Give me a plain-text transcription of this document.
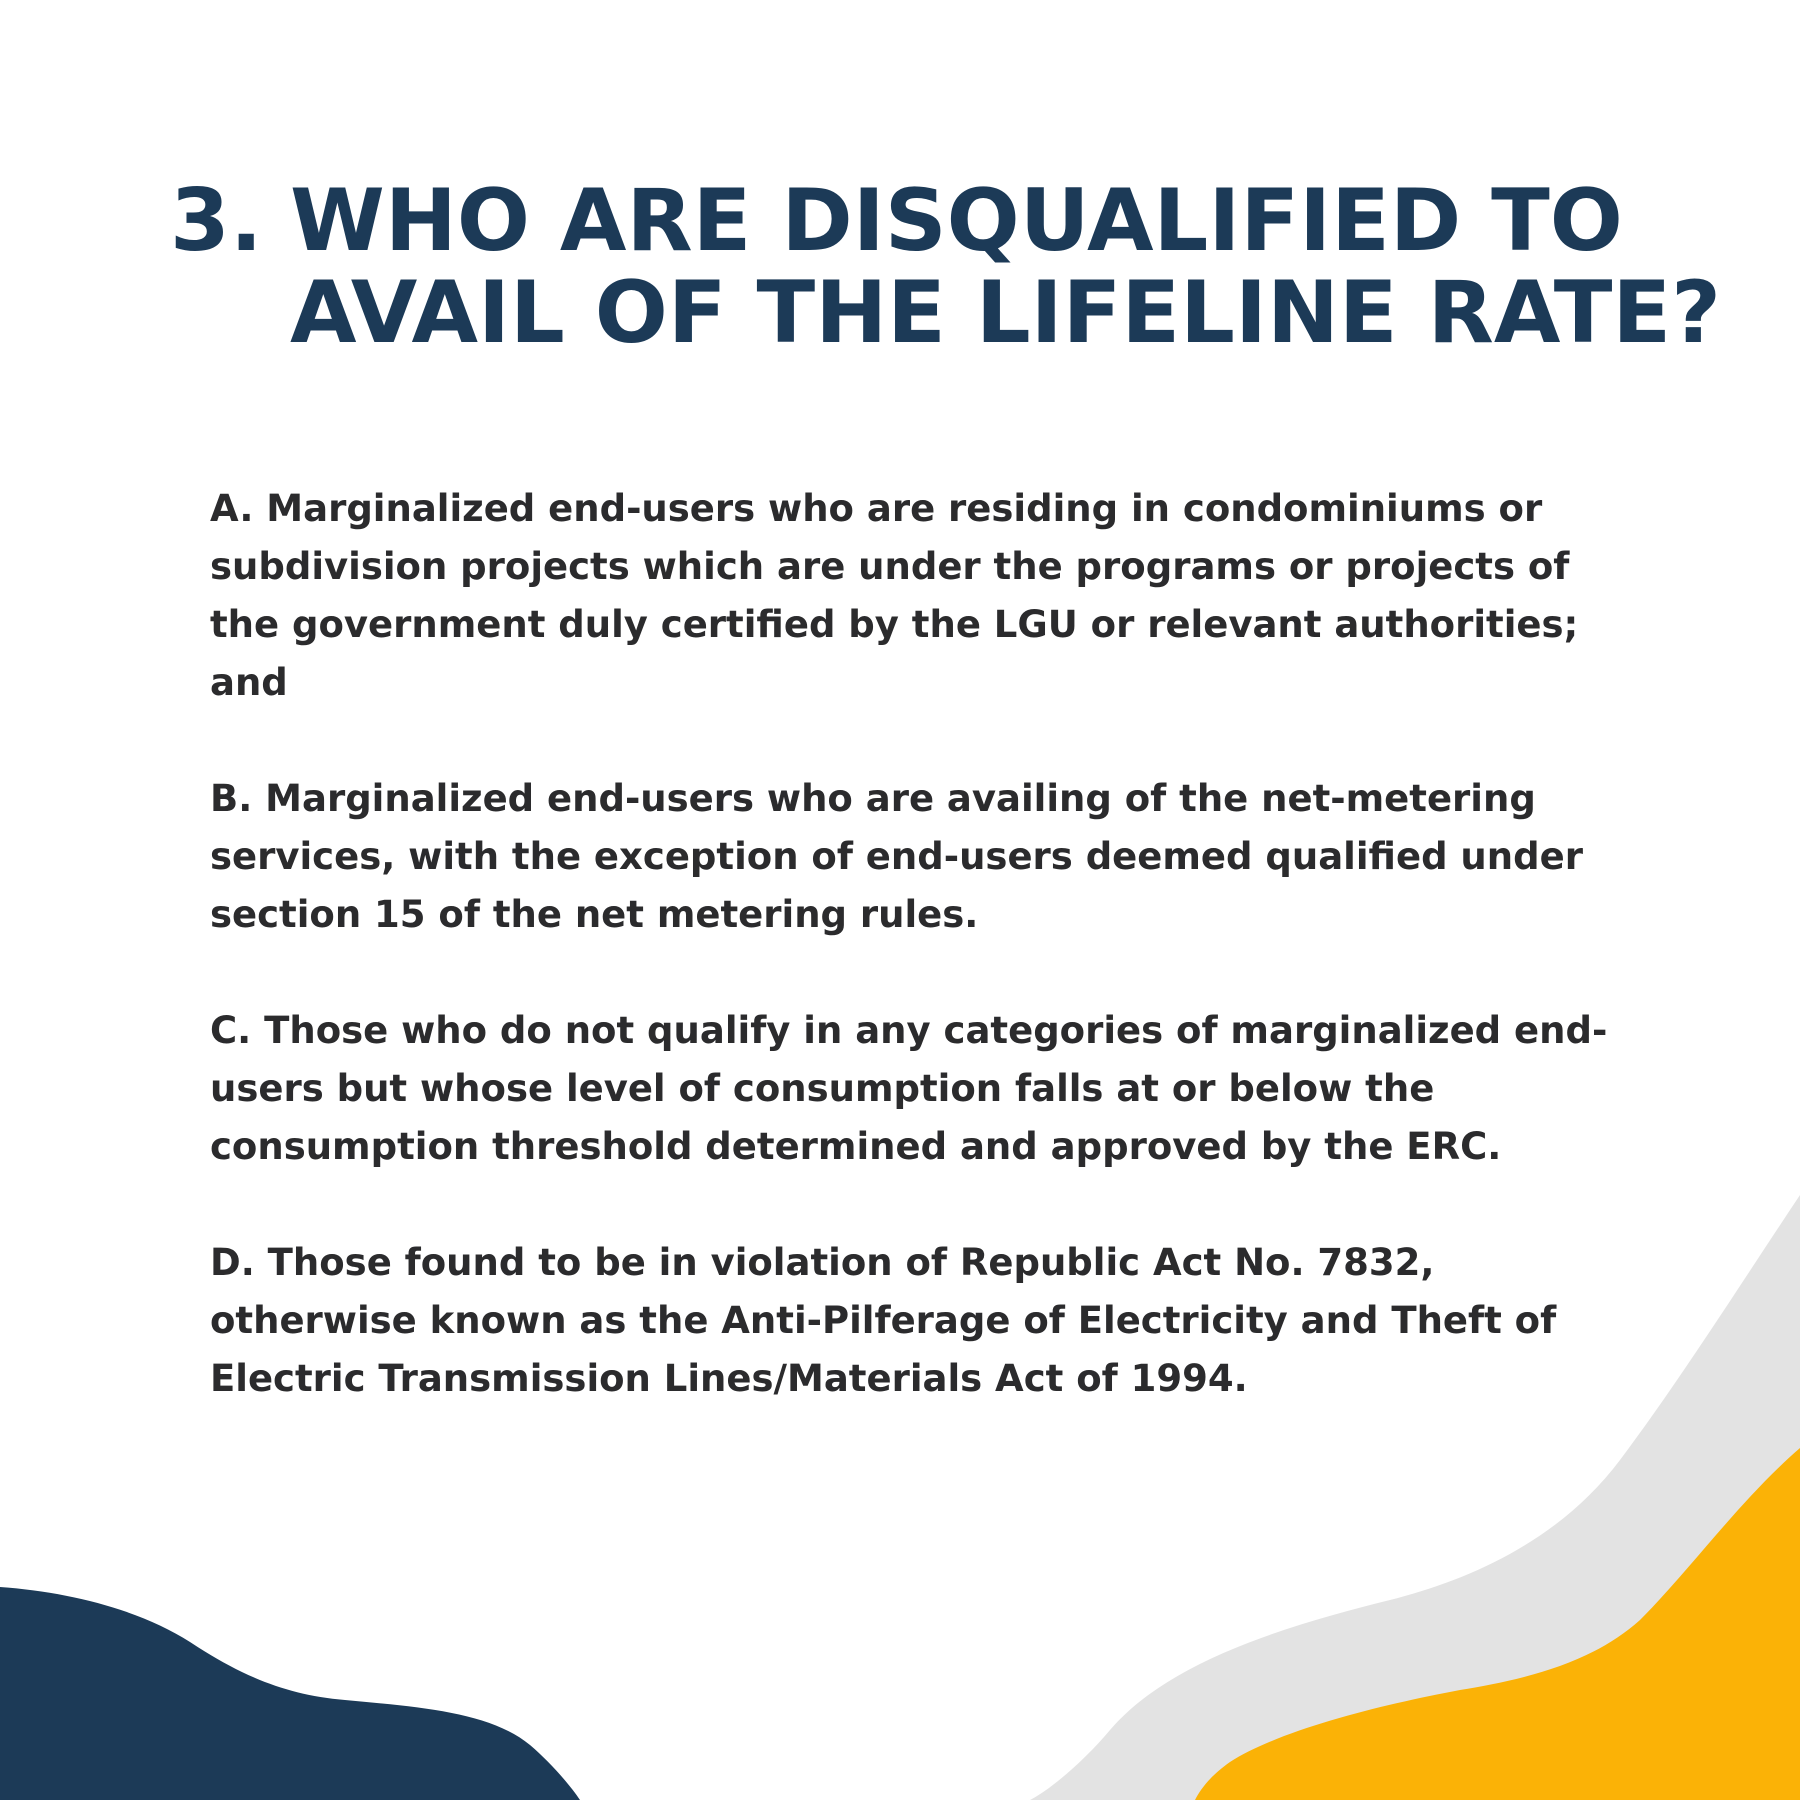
3. WHO ARE DISQUALIFIED TO AVAIL OF THE LIFELINE RATE?

A. Marginalized end-users who are residing in condominiums or subdivision projects which are under the programs or projects of the government duly certified by the LGU or relevant authorities; and

B. Marginalized end-users who are availing of the net-metering services, with the exception of end-users deemed qualified under section 15 of the net metering rules.

C. Those who do not qualify in any categories of marginalized end-users but whose level of consumption falls at or below the consumption threshold determined and approved by the ERC.

D. Those found to be in violation of Republic Act No. 7832, otherwise known as the Anti-Pilferage of Electricity and Theft of Electric Transmission Lines/Materials Act of 1994.
